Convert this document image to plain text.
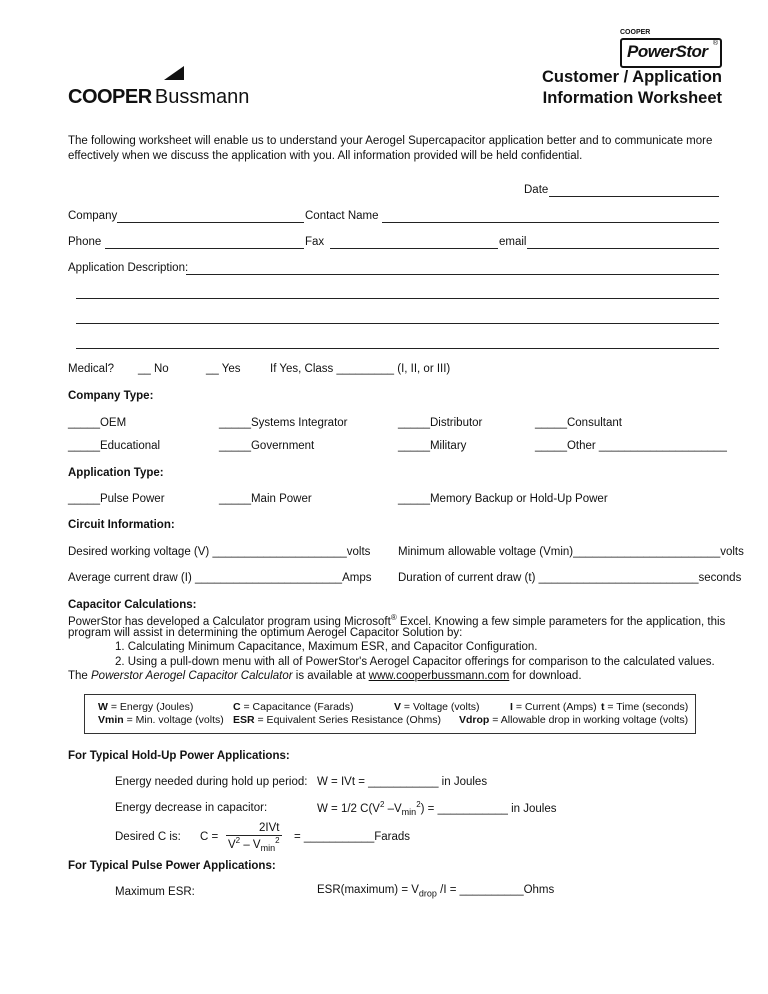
COOPER Bussmann
COOPER
PowerStor ®
Customer / Application
Information Worksheet
The following worksheet will enable us to understand your Aerogel Supercapacitor application better and to communicate more
effectively when we discuss the application with you. All information provided will be held confidential.
Date
Company	Contact Name
Phone	Fax	email
Application Description:
Medical? __ No	__ Yes	If Yes, Class _________ (I, II, or III)
Company Type:
_____OEM	_____Systems Integrator	_____Distributor	_____Consultant
_____Educational	_____Government	_____Military	_____Other ____________________
Application Type:
_____Pulse Power	_____Main Power	_____Memory Backup or Hold-Up Power
Circuit Information:
Desired working voltage (V) _____________________volts Minimum allowable voltage (Vmin)_______________________volts
Average current draw (I) _______________________Amps Duration of current draw (t) _________________________seconds
Capacitor Calculations:
PowerStor has developed a Calculator program using Microsoft® Excel. Knowing a few simple parameters for the application, this
program will assist in determining the optimum Aerogel Capacitor Solution by:
1. Calculating Minimum Capacitance, Maximum ESR, and Capacitor Configuration.
2. Using a pull-down menu with all of PowerStor's Aerogel Capacitor offerings for comparison to the calculated values.
The Powerstor Aerogel Capacitor Calculator is available at www.cooperbussmann.com for download.
W = Energy (Joules)	C = Capacitance (Farads)	V = Voltage (volts)	I = Current (Amps) t = Time (seconds)
Vmin = Min. voltage (volts) ESR = Equivalent Series Resistance (Ohms) Vdrop = Allowable drop in working voltage (volts)
For Typical Hold-Up Power Applications:
Energy needed during hold up period: W = IVt = ___________ in Joules
Energy decrease in capacitor:	W = 1/2 $C(V^2$ $-V_{min}^2$) = ___________ in Joules
Desired C is: C =
2IVt
$V^2 - V_{min}^2$ = ___________Farads
For Typical Pulse Power Applications:
Maximum ESR:	ESR(maximum) = $V_{drop}$ /I = __________Ohms
